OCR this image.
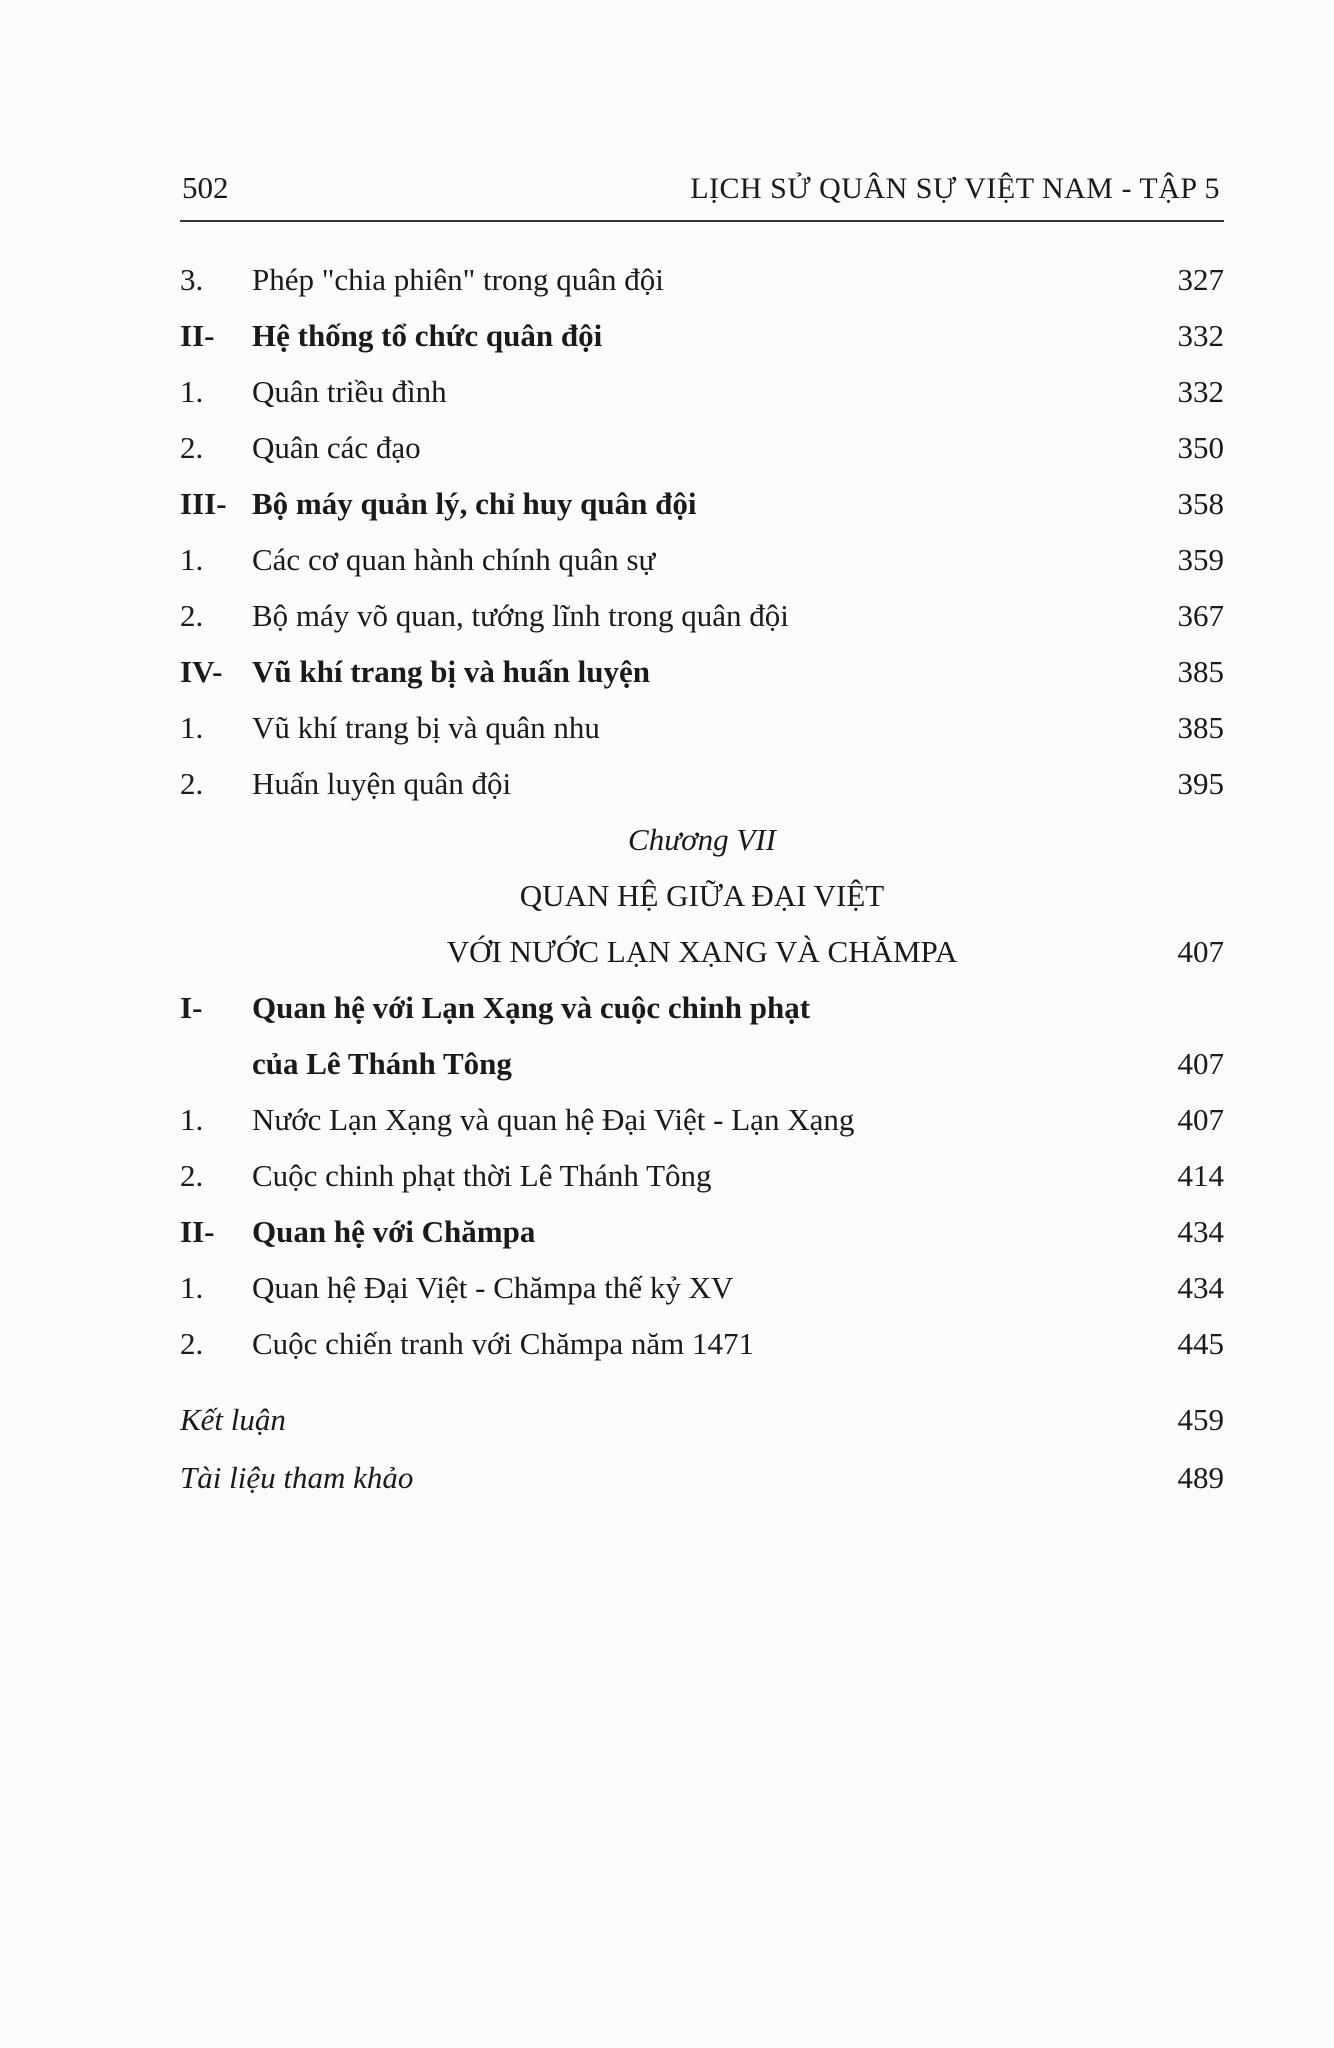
502	LỊCH SỬ QUÂN SỰ VIỆT NAM - TẬP 5
3. Phép "chia phiên" trong quân đội	327
II- Hệ thống tổ chức quân đội	332
1. Quân triều đình	332
2. Quân các đạo	350
III- Bộ máy quản lý, chỉ huy quân đội	358
1. Các cơ quan hành chính quân sự	359
2. Bộ máy võ quan, tướng lĩnh trong quân đội	367
IV- Vũ khí trang bị và huấn luyện	385
1. Vũ khí trang bị và quân nhu	385
2. Huấn luyện quân đội	395
Chương VII
QUAN HỆ GIỮA ĐẠI VIỆT
VỚI NƯỚC LẠN XẠNG VÀ CHĂMPA	407
I- Quan hệ với Lạn Xạng và cuộc chinh phạt
của Lê Thánh Tông	407
1. Nước Lạn Xạng và quan hệ Đại Việt - Lạn Xạng	407
2. Cuộc chinh phạt thời Lê Thánh Tông	414
II- Quan hệ với Chămpa	434
1. Quan hệ Đại Việt - Chămpa thế kỷ XV	434
2. Cuộc chiến tranh với Chămpa năm 1471	445
Kết luận	459
Tài liệu tham khảo	489
